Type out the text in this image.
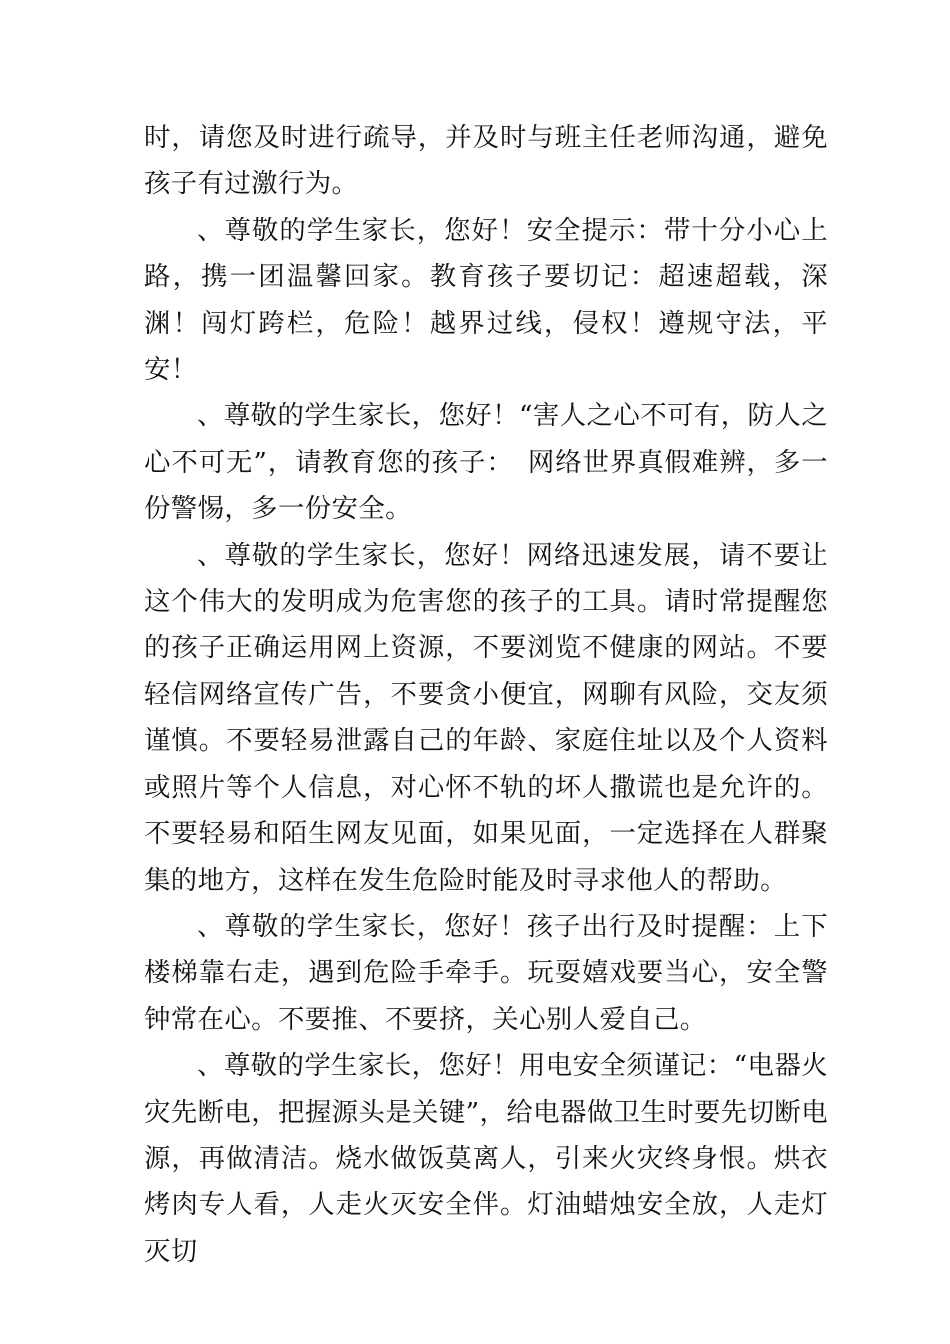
时，请您及时进行疏导，并及时与班主任老师沟通，避免孩子有过激行为。

、尊敬的学生家长，您好！安全提示：带十分小心上路，携一团温馨回家。教育孩子要切记：超速超载，深渊！闯灯跨栏，危险！越界过线，侵权！遵规守法，平安！

、尊敬的学生家长，您好！“害人之心不可有，防人之心不可无”，请教育您的孩子：　网络世界真假难辨，多一份警惕，多一份安全。

、尊敬的学生家长，您好！网络迅速发展，请不要让这个伟大的发明成为危害您的孩子的工具。请时常提醒您的孩子正确运用网上资源，不要浏览不健康的网站。不要轻信网络宣传广告，不要贪小便宜，网聊有风险，交友须谨慎。不要轻易泄露自己的年龄、家庭住址以及个人资料或照片等个人信息，对心怀不轨的坏人撒谎也是允许的。不要轻易和陌生网友见面，如果见面，一定选择在人群聚集的地方，这样在发生危险时能及时寻求他人的帮助。

、尊敬的学生家长，您好！孩子出行及时提醒：上下楼梯靠右走，遇到危险手牵手。玩耍嬉戏要当心，安全警钟常在心。不要推、不要挤，关心别人爱自己。

、尊敬的学生家长，您好！用电安全须谨记：“电器火灾先断电，把握源头是关键”，给电器做卫生时要先切断电源，再做清洁。烧水做饭莫离人，引来火灾终身恨。烘衣烤肉专人看，人走火灭安全伴。灯油蜡烛安全放，人走灯灭切
